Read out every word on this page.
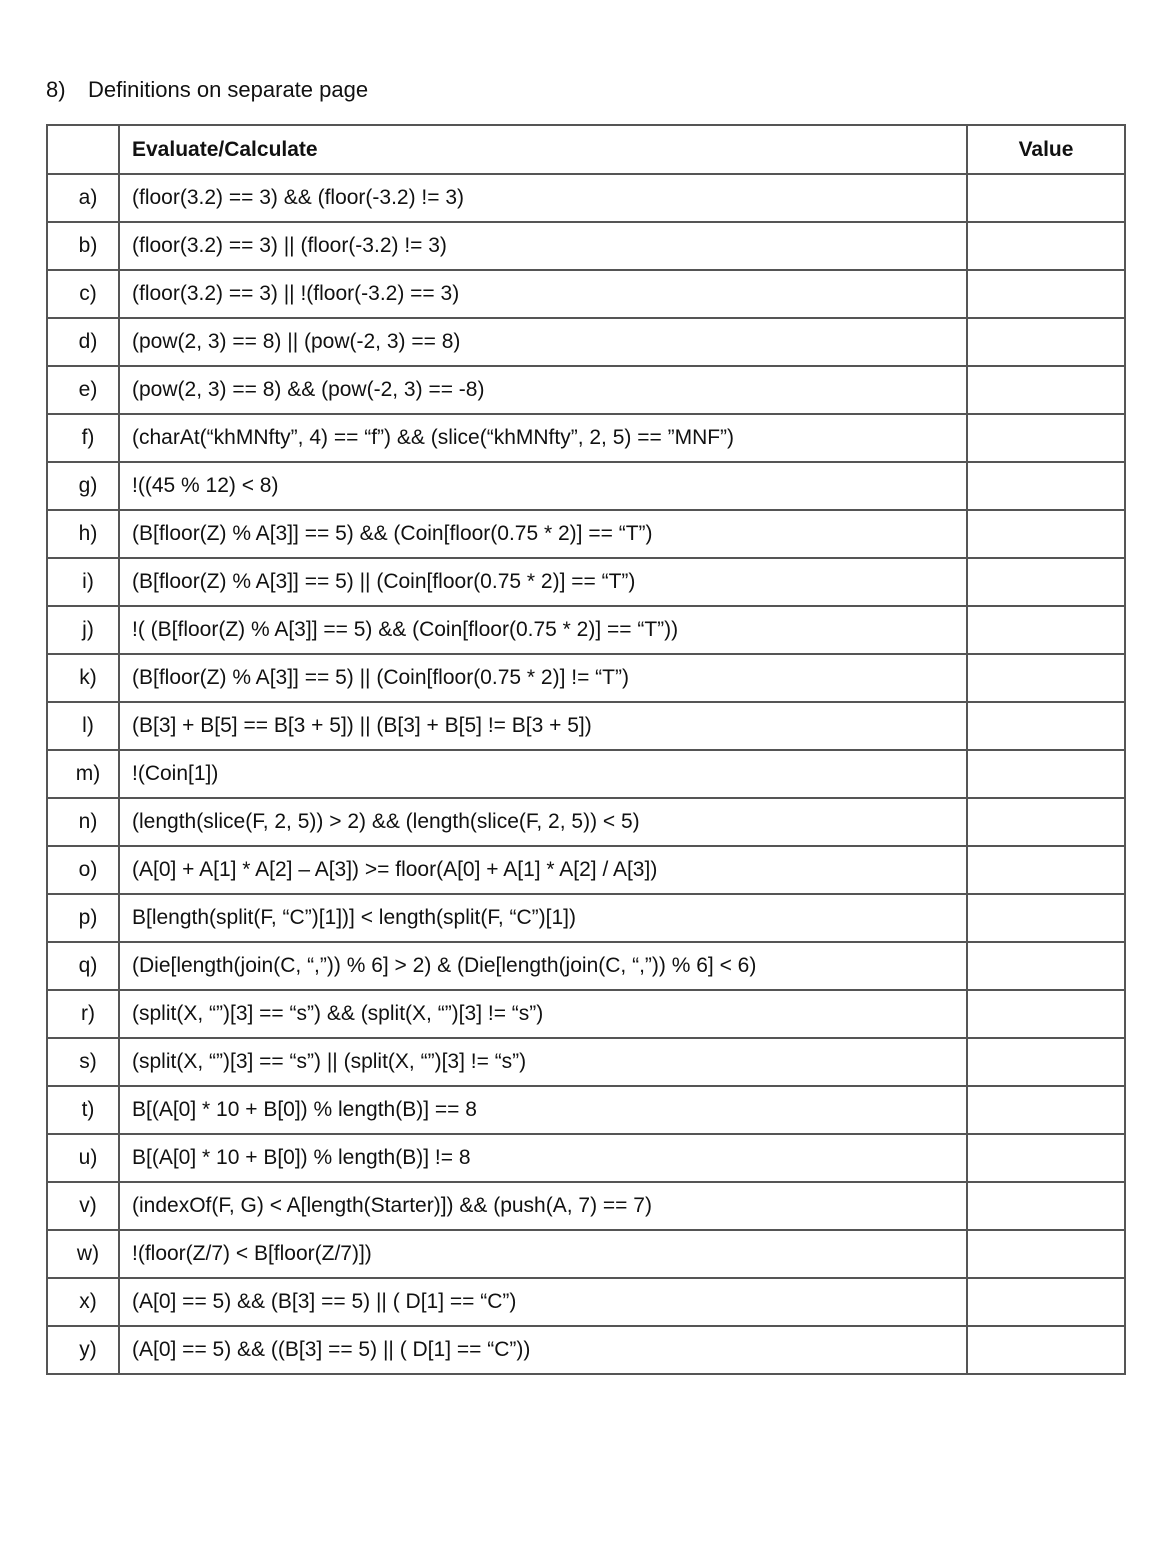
8) Definitions on separate page
	Evaluate/Calculate	Value
a)	(floor(3.2) == 3) && (floor(-3.2) != 3)	
b)	(floor(3.2) == 3) || (floor(-3.2) != 3)	
c)	(floor(3.2) == 3) || !(floor(-3.2) == 3)	
d)	(pow(2, 3) == 8) || (pow(-2, 3) == 8)	
e)	(pow(2, 3) == 8) && (pow(-2, 3) == -8)	
f)	(charAt(“khMNfty”, 4) == “f”) && (slice(“khMNfty”, 2, 5) == ”MNF”)	
g)	!((45 % 12) < 8)	
h)	(B[floor(Z) % A[3]] == 5) && (Coin[floor(0.75 * 2)] == “T”)	
i)	(B[floor(Z) % A[3]] == 5) || (Coin[floor(0.75 * 2)] == “T”)	
j)	!( (B[floor(Z) % A[3]] == 5) && (Coin[floor(0.75 * 2)] == “T”))	
k)	(B[floor(Z) % A[3]] == 5) || (Coin[floor(0.75 * 2)] != “T”)	
l)	(B[3] + B[5] == B[3 + 5]) || (B[3] + B[5] != B[3 + 5])	
m)	!(Coin[1])	
n)	(length(slice(F, 2, 5)) > 2) && (length(slice(F, 2, 5)) < 5)	
o)	(A[0] + A[1] * A[2] – A[3]) >= floor(A[0] + A[1] * A[2] / A[3])	
p)	B[length(split(F, “C”)[1])] < length(split(F, “C”)[1])	
q)	(Die[length(join(C, “,”)) % 6] > 2) & (Die[length(join(C, “,”)) % 6] < 6)	
r)	(split(X, “”)[3] == “s”) && (split(X, “”)[3] != “s”)	
s)	(split(X, “”)[3] == “s”) || (split(X, “”)[3] != “s”)	
t)	B[(A[0] * 10 + B[0]) % length(B)] == 8	
u)	B[(A[0] * 10 + B[0]) % length(B)] != 8	
v)	(indexOf(F, G) < A[length(Starter)]) && (push(A, 7) == 7)	
w)	!(floor(Z/7) < B[floor(Z/7)])	
x)	(A[0] == 5) && (B[3] == 5) || ( D[1] == “C”)	
y)	(A[0] == 5) && ((B[3] == 5) || ( D[1] == “C”))	
